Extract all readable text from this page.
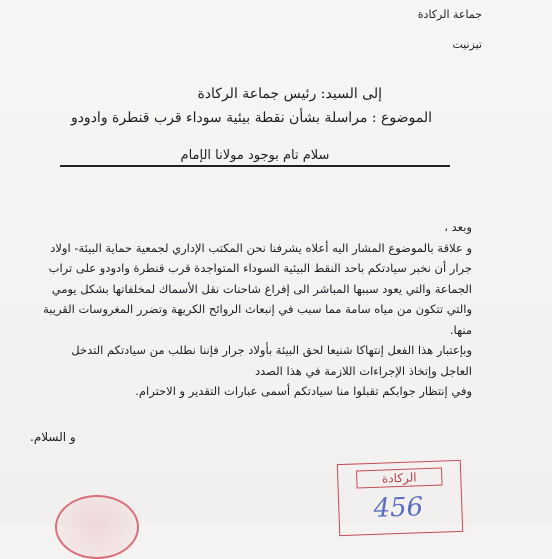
جماعة الركادة
تيزنيت
إلى السيد: رئيس جماعة الركادة
الموضوع : مراسلة بشأن نقطة بيئية سوداء قرب قنطرة وادودو
سلام تام بوجود مولانا الإمام

وبعد ،

و علاقة بالموضوع المشار اليه أعلاه يشرفنا نحن المكتب الإداري لجمعية حماية البيئة- اولاد جرار أن نخبر سيادتكم باحد النقط البيئية السوداء المتواجدة قرب قنطرة وادودو على تراب الجماعة والتي يعود سببها المباشر الى إفراغ شاحنات نقل الأسماك لمخلفاتها بشكل يومي والتي تتكون من مياه سامة مما سبب في إنبعاث الروائح الكريهة وتضرر المغروسات القريبة منها.

وبإعتبار هذا الفعل إنتهاكا شنيعا لحق البيئة بأولاد جرار فإننا نطلب من سيادتكم التدخل العاجل وإتخاذ الإجراءات اللازمة في هذا الصدد

وفي إنتظار جوابكم تقبلوا منا سيادتكم أسمى عبارات التقدير و الاحترام.

و السلام.
الركادة
456
